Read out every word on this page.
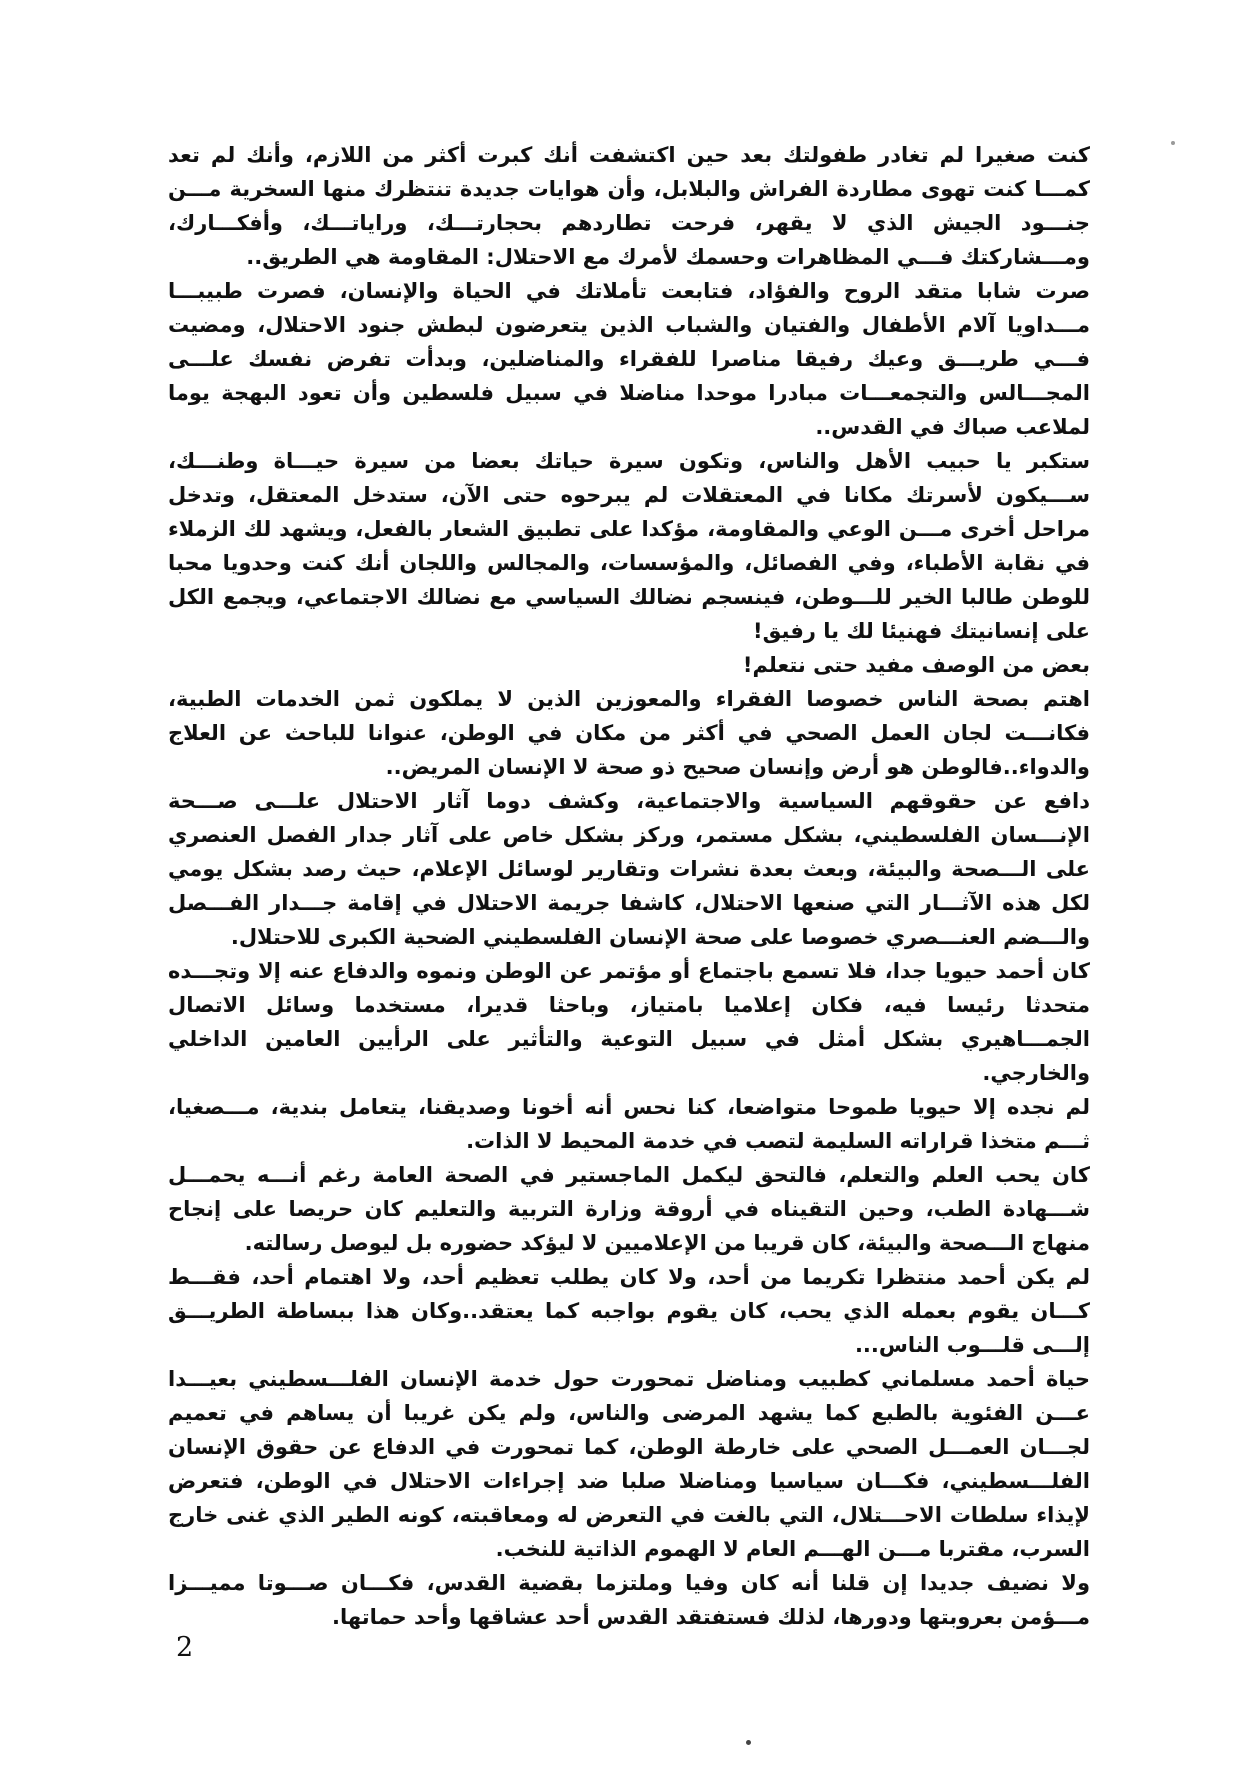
كنت صغيرا لم تغادر طفولتك بعد حين اكتشفت أنك كبرت أكثر من اللازم، وأنك لم تعد كمـــا كنت تهوى مطاردة الفراش والبلابل، وأن هوايات جديدة تنتظرك منها السخرية مـــن جنـــود الجيش الذي لا يقهر، فرحت تطاردهم بحجارتـــك، وراياتـــك، وأفكـــارك، ومـــشاركتك فـــي المظاهرات وحسمك لأمرك مع الاحتلال: المقاومة هي الطريق..

صرت شابا متقد الروح والفؤاد، فتابعت تأملاتك في الحياة والإنسان، فصرت طبيبـــا مـــداويا آلام الأطفال والفتيان والشباب الذين يتعرضون لبطش جنود الاحتلال، ومضيت فـــي طريـــق وعيك رفيقا مناصرا للفقراء والمناضلين، وبدأت تفرض نفسك علـــى المجـــالس والتجمعـــات مبادرا موحدا مناضلا في سبيل فلسطين وأن تعود البهجة يوما لملاعب صباك في القدس..

ستكبر يا حبيب الأهل والناس، وتكون سيرة حياتك بعضا من سيرة حيـــاة وطنـــك، ســـيكون لأسرتك مكانا في المعتقلات لم يبرحوه حتى الآن، ستدخل المعتقل، وتدخل مراحل أخرى مـــن الوعي والمقاومة، مؤكدا على تطبيق الشعار بالفعل، ويشهد لك الزملاء في نقابة الأطباء، وفي الفصائل، والمؤسسات، والمجالس واللجان أنك كنت وحدويا محبا للوطن طالبا الخير للـــوطن، فينسجم نضالك السياسي مع نضالك الاجتماعي، ويجمع الكل على إنسانيتك فهنيئا لك يا رفيق!

بعض من الوصف مفيد حتى نتعلم!

اهتم بصحة الناس خصوصا الفقراء والمعوزين الذين لا يملكون ثمن الخدمات الطبية، فكانـــت لجان العمل الصحي في أكثر من مكان في الوطن، عنوانا للباحث عن العلاج والدواء..فالوطن هو أرض وإنسان صحيح ذو صحة لا الإنسان المريض..

دافع عن حقوقهم السياسية والاجتماعية، وكشف دوما آثار الاحتلال علـــى صـــحة الإنـــسان الفلسطيني، بشكل مستمر، وركز بشكل خاص على آثار جدار الفصل العنصري على الـــصحة والبيئة، وبعث بعدة نشرات وتقارير لوسائل الإعلام، حيث رصد بشكل يومي لكل هذه الآثـــار التي صنعها الاحتلال، كاشفا جريمة الاحتلال في إقامة جـــدار الفـــصل والـــضم العنـــصري خصوصا على صحة الإنسان الفلسطيني الضحية الكبرى للاحتلال.

كان أحمد حيويا جدا، فلا تسمع باجتماع أو مؤتمر عن الوطن ونموه والدفاع عنه إلا وتجـــده متحدثا رئيسا فيه، فكان إعلاميا بامتياز، وباحثا قديرا، مستخدما وسائل الاتصال الجمـــاهيري بشكل أمثل في سبيل التوعية والتأثير على الرأيين العامين الداخلي والخارجي.

لم نجده إلا حيويا طموحا متواضعا، كنا نحس أنه أخونا وصديقنا، يتعامل بندية، مـــصغيا، ثـــم متخذا قراراته السليمة لتصب في خدمة المحيط لا الذات.

كان يحب العلم والتعلم، فالتحق ليكمل الماجستير في الصحة العامة رغم أنـــه يحمـــل شـــهادة الطب، وحين التقيناه في أروقة وزارة التربية والتعليم كان حريصا على إنجاح منهاج الـــصحة والبيئة، كان قريبا من الإعلاميين لا ليؤكد حضوره بل ليوصل رسالته.

لم يكن أحمد منتظرا تكريما من أحد، ولا كان يطلب تعظيم أحد، ولا اهتمام أحد، فقـــط كـــان يقوم بعمله الذي يحب، كان يقوم بواجبه كما يعتقد..وكان هذا ببساطة الطريـــق إلـــى قلـــوب الناس...

حياة أحمد مسلماني كطبيب ومناضل تمحورت حول خدمة الإنسان الفلـــسطيني بعيـــدا عـــن الفئوية بالطبع كما يشهد المرضى والناس، ولم يكن غريبا أن يساهم في تعميم لجـــان العمـــل الصحي على خارطة الوطن، كما تمحورت في الدفاع عن حقوق الإنسان الفلـــسطيني، فكـــان سياسيا ومناضلا صلبا ضد إجراءات الاحتلال في الوطن، فتعرض لإيذاء سلطات الاحـــتلال، التي بالغت في التعرض له ومعاقبته، كونه الطير الذي غنى خارج السرب، مقتربا مـــن الهـــم العام لا الهموم الذاتية للنخب.

ولا نضيف جديدا إن قلنا أنه كان وفيا وملتزما بقضية القدس، فكـــان صـــوتا مميـــزا مـــؤمن بعروبتها ودورها، لذلك فستفتقد القدس أحد عشاقها وأحد حماتها.

2
